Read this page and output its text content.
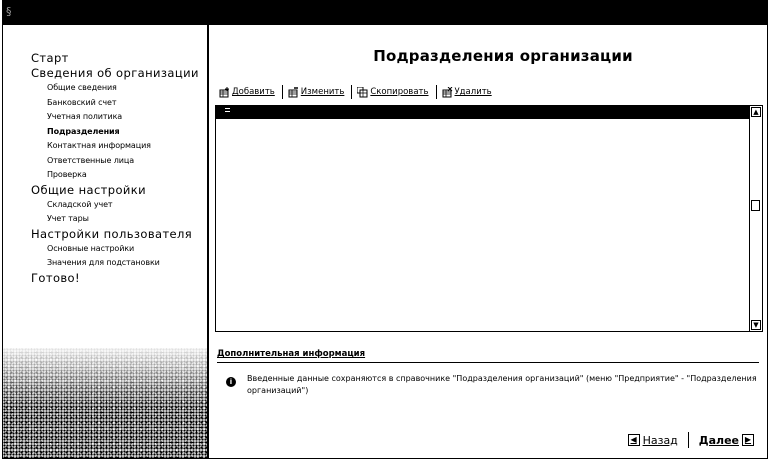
§
Старт
Сведения об организации
Общие сведения
Банковский счет
Учетная политика
Подразделения
Контактная информация
Ответственные лица
Проверка
Общие настройки
Складской учет
Учет тары
Настройки пользователя
Основные настройки
Значения для подстановки
Готово!
Подразделения организации
Добавить	Изменить	Скопировать	Удалить
▲
▼
Дополнительная информация
i	Введенные данные сохраняются в справочнике "Подразделения организаций" (меню "Предприятие" - "Подразделения организаций")
◀ Назад Далее ▶
